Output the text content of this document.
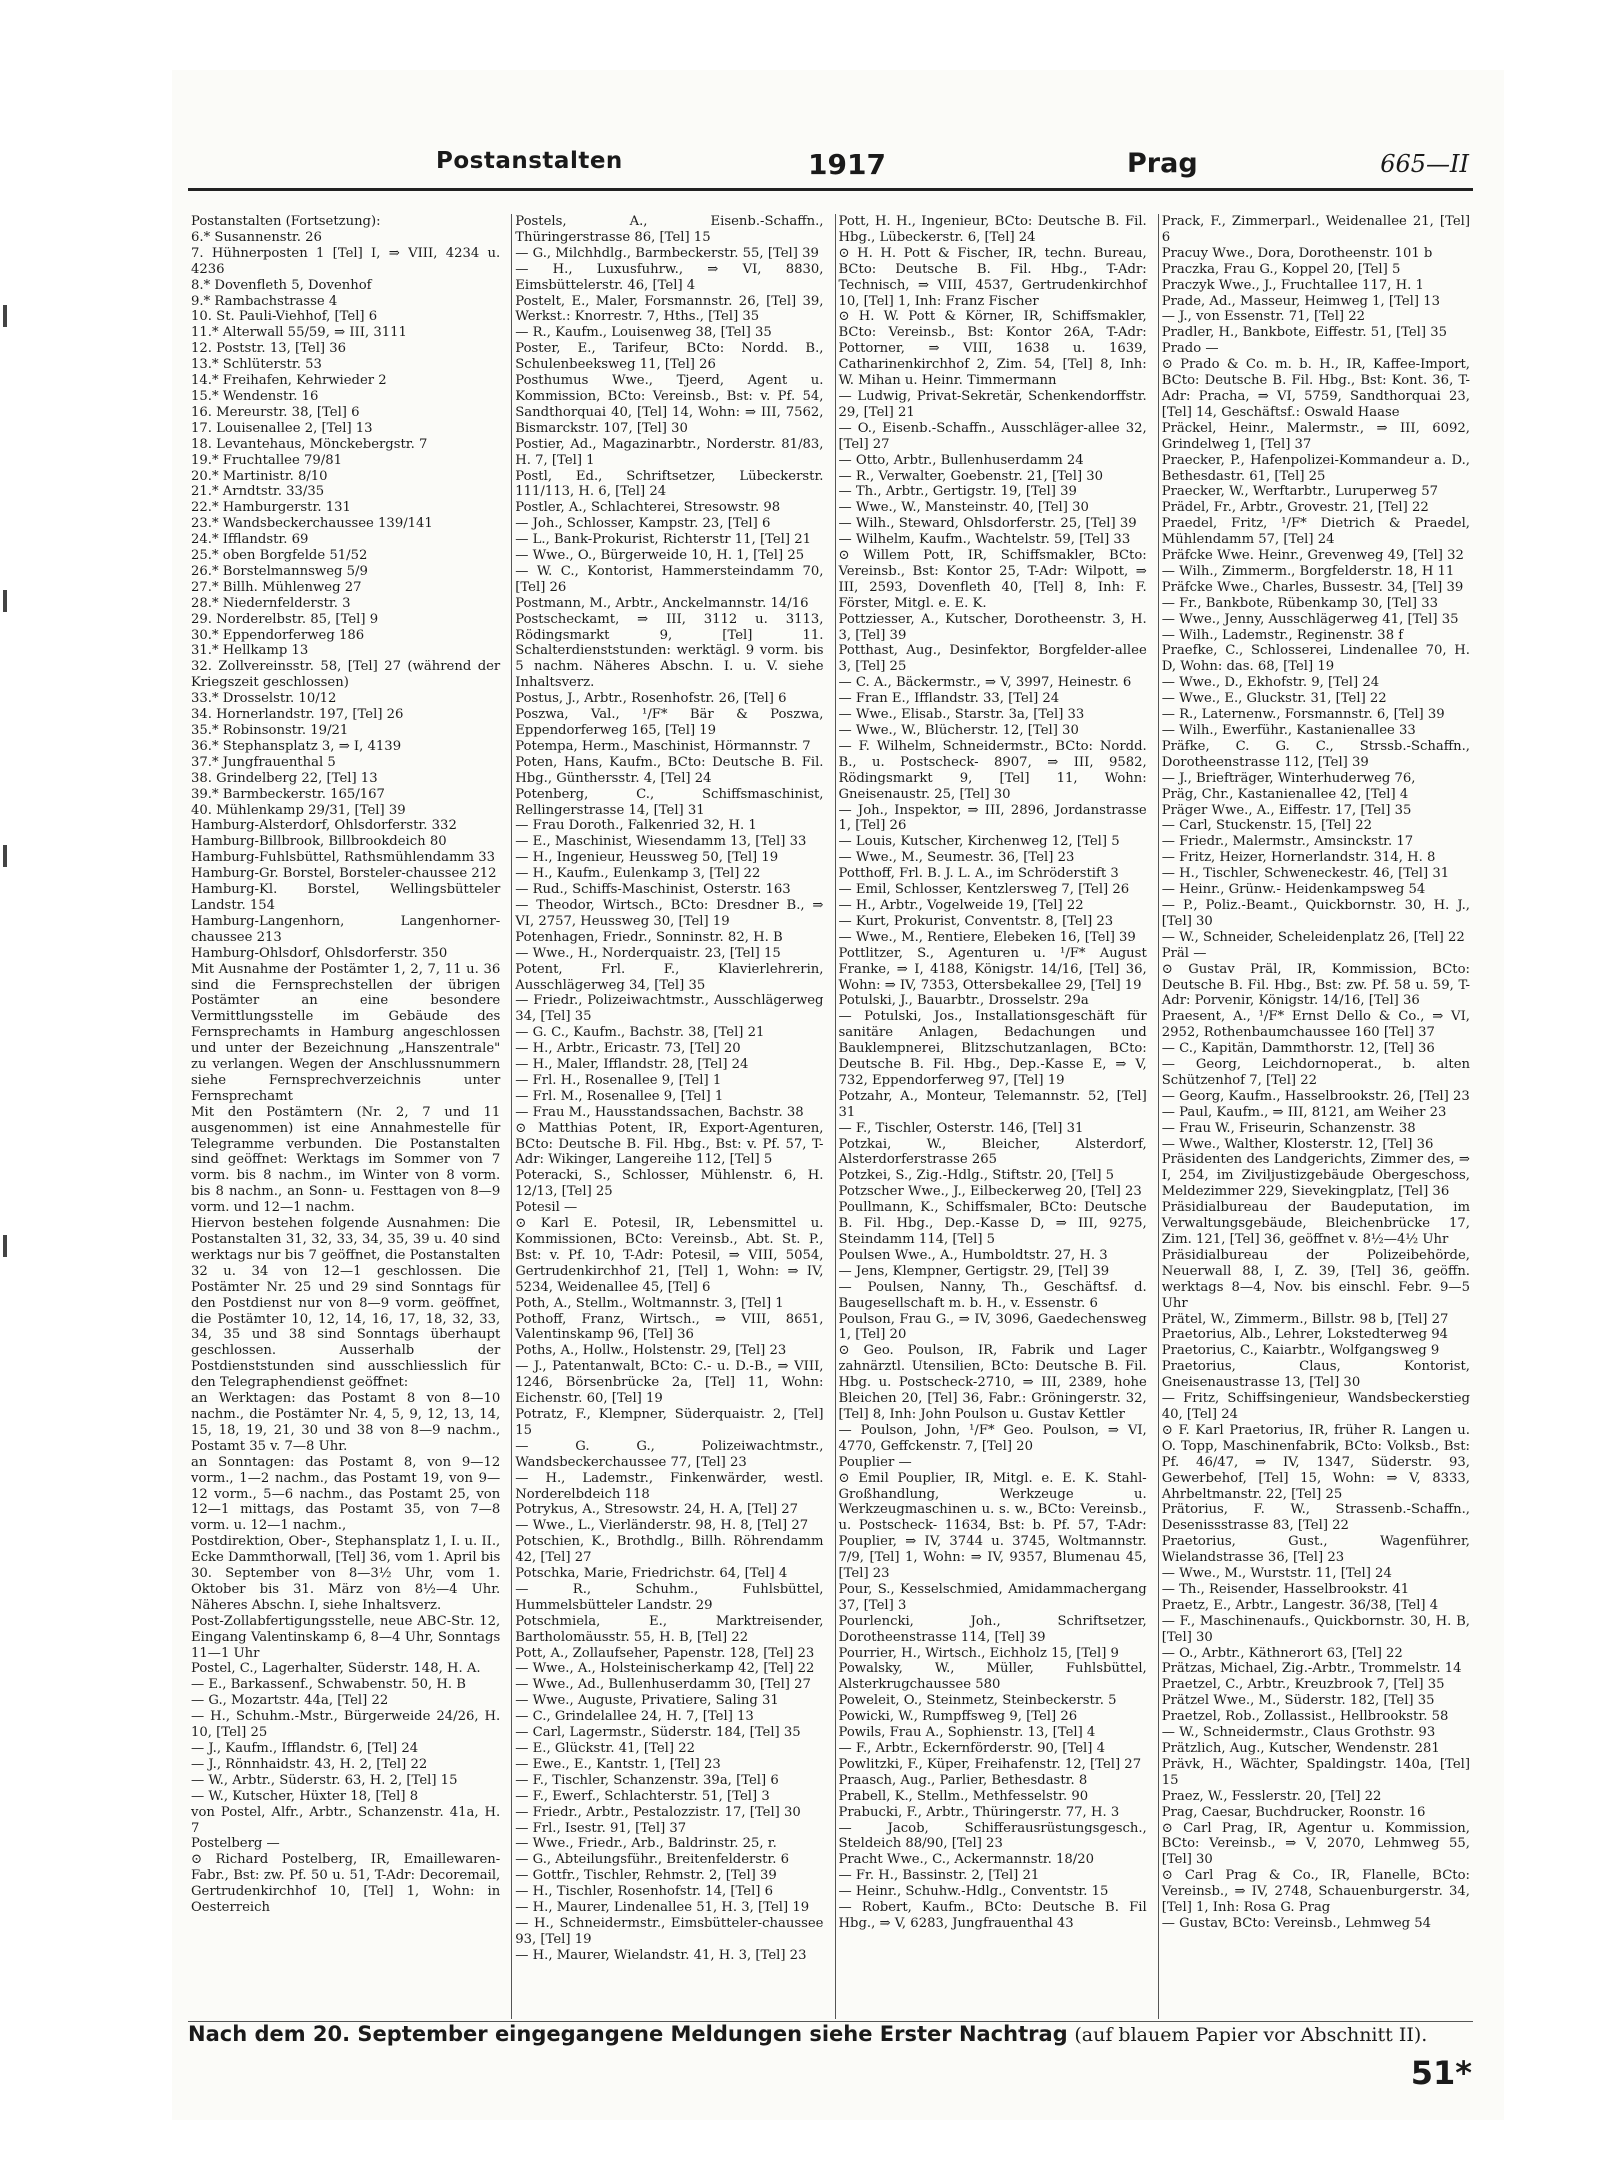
Postanstalten	1917	Prag	665—II

Postanstalten (Fortsetzung):

6.* Susannenstr. 26

7. Hühnerposten 1 [Tel] I, ⇒ VIII, 4234 u. 4236

8.* Dovenfleth 5, Dovenhof

9.* Rambachstrasse 4

10. St. Pauli-Viehhof, [Tel] 6

11.* Alterwall 55/59, ⇒ III, 3111

12. Poststr. 13, [Tel] 36

13.* Schlüterstr. 53

14.* Freihafen, Kehrwieder 2

15.* Wendenstr. 16

16. Mereurstr. 38, [Tel] 6

17. Louisenallee 2, [Tel] 13

18. Levantehaus, Mönckebergstr. 7

19.* Fruchtallee 79/81

20.* Martinistr. 8/10

21.* Arndtstr. 33/35

22.* Hamburgerstr. 131

23.* Wandsbeckerchaussee 139/141

24.* Ifflandstr. 69

25.* oben Borgfelde 51/52

26.* Borstelmannsweg 5/9

27.* Billh. Mühlenweg 27

28.* Niedernfelderstr. 3

29. Norderelbstr. 85, [Tel] 9

30.* Eppendorferweg 186

31.* Hellkamp 13

32. Zollvereinsstr. 58, [Tel] 27 (während der Kriegszeit geschlossen)

33.* Drosselstr. 10/12

34. Hornerlandstr. 197, [Tel] 26

35.* Robinsonstr. 19/21

36.* Stephansplatz 3, ⇒ I, 4139

37.* Jungfrauenthal 5

38. Grindelberg 22, [Tel] 13

39.* Barmbeckerstr. 165/167

40. Mühlenkamp 29/31, [Tel] 39

Hamburg-Alsterdorf, Ohlsdorferstr. 332

Hamburg-Billbrook, Billbrookdeich 80

Hamburg-Fuhlsbüttel, Rathsmühlendamm 33

Hamburg-Gr. Borstel, Borsteler-chaussee 212

Hamburg-Kl. Borstel, Wellingsbütteler Landstr. 154

Hamburg-Langenhorn, Langenhorner-chaussee 213

Hamburg-Ohlsdorf, Ohlsdorferstr. 350

Mit Ausnahme der Postämter 1, 2, 7, 11 u. 36 sind die Fernsprechstellen der übrigen Postämter an eine besondere Vermittlungsstelle im Gebäude des Fernsprechamts in Hamburg angeschlossen und unter der Bezeichnung „Hanszentrale" zu verlangen. Wegen der Anschlussnummern siehe Fernsprechverzeichnis unter Fernsprechamt

Mit den Postämtern (Nr. 2, 7 und 11 ausgenommen) ist eine Annahmestelle für Telegramme verbunden. Die Postanstalten sind geöffnet: Werktags im Sommer von 7 vorm. bis 8 nachm., im Winter von 8 vorm. bis 8 nachm., an Sonn- u. Festtagen von 8—9 vorm. und 12—1 nachm.

Hiervon bestehen folgende Ausnahmen: Die Postanstalten 31, 32, 33, 34, 35, 39 u. 40 sind werktags nur bis 7 geöffnet, die Postanstalten 32 u. 34 von 12—1 geschlossen. Die Postämter Nr. 25 und 29 sind Sonntags für den Postdienst nur von 8—9 vorm. geöffnet, die Postämter 10, 12, 14, 16, 17, 18, 32, 33, 34, 35 und 38 sind Sonntags überhaupt geschlossen. Ausserhalb der Postdienststunden sind ausschliesslich für den Telegraphendienst geöffnet:

an Werktagen: das Postamt 8 von 8—10 nachm., die Postämter Nr. 4, 5, 9, 12, 13, 14, 15, 18, 19, 21, 30 und 38 von 8—9 nachm., Postamt 35 v. 7—8 Uhr.

an Sonntagen: das Postamt 8, von 9—12 vorm., 1—2 nachm., das Postamt 19, von 9—12 vorm., 5—6 nachm., das Postamt 25, von 12—1 mittags, das Postamt 35, von 7—8 vorm. u. 12—1 nachm.,

Postdirektion, Ober-, Stephansplatz 1, I. u. II., Ecke Dammthorwall, [Tel] 36, vom 1. April bis 30. September von 8—3½ Uhr, vom 1. Oktober bis 31. März von 8½—4 Uhr. Näheres Abschn. I, siehe Inhaltsverz.

Post-Zollabfertigungsstelle, neue ABC-Str. 12, Eingang Valentinskamp 6, 8—4 Uhr, Sonntags 11—1 Uhr

Postel, C., Lagerhalter, Süderstr. 148, H. A.

— E., Barkassenf., Schwabenstr. 50, H. B

— G., Mozartstr. 44a, [Tel] 22

— H., Schuhm.-Mstr., Bürgerweide 24/26, H. 10, [Tel] 25

— J., Kaufm., Ifflandstr. 6, [Tel] 24

— J., Rönnhaidstr. 43, H. 2, [Tel] 22

— W., Arbtr., Süderstr. 63, H. 2, [Tel] 15

— W., Kutscher, Hüxter 18, [Tel] 8

von Postel, Alfr., Arbtr., Schanzenstr. 41a, H. 7

Postelberg —

⊙ Richard Postelberg, IR, Emaillewaren-Fabr., Bst: zw. Pf. 50 u. 51, T-Adr: Decoremail, Gertrudenkirchhof 10, [Tel] 1, Wohn: in Oesterreich

Postels, A., Eisenb.-Schaffn., Thüringerstrasse 86, [Tel] 15

— G., Milchhdlg., Barmbeckerstr. 55, [Tel] 39

— H., Luxusfuhrw., ⇒ VI, 8830, Eimsbüttelerstr. 46, [Tel] 4

Postelt, E., Maler, Forsmannstr. 26, [Tel] 39, Werkst.: Knorrestr. 7, Hths., [Tel] 35

— R., Kaufm., Louisenweg 38, [Tel] 35

Poster, E., Tarifeur, BCto: Nordd. B., Schulenbeeksweg 11, [Tel] 26

Posthumus Wwe., Tjeerd, Agent u. Kommission, BCto: Vereinsb., Bst: v. Pf. 54, Sandthorquai 40, [Tel] 14, Wohn: ⇒ III, 7562, Bismarckstr. 107, [Tel] 30

Postier, Ad., Magazinarbtr., Norderstr. 81/83, H. 7, [Tel] 1

Postl, Ed., Schriftsetzer, Lübeckerstr. 111/113, H. 6, [Tel] 24

Postler, A., Schlachterei, Stresowstr. 98

— Joh., Schlosser, Kampstr. 23, [Tel] 6

— L., Bank-Prokurist, Richterstr 11, [Tel] 21

— Wwe., O., Bürgerweide 10, H. 1, [Tel] 25

— W. C., Kontorist, Hammersteindamm 70, [Tel] 26

Postmann, M., Arbtr., Anckelmannstr. 14/16

Postscheckamt, ⇒ III, 3112 u. 3113, Rödingsmarkt 9, [Tel] 11. Schalterdienststunden: werktägl. 9 vorm. bis 5 nachm. Näheres Abschn. I. u. V. siehe Inhaltsverz.

Postus, J., Arbtr., Rosenhofstr. 26, [Tel] 6

Poszwa, Val., ¹/F* Bär & Poszwa, Eppendorferweg 165, [Tel] 19

Potempa, Herm., Maschinist, Hörmannstr. 7

Poten, Hans, Kaufm., BCto: Deutsche B. Fil. Hbg., Günthersstr. 4, [Tel] 24

Potenberg, C., Schiffsmaschinist, Rellingerstrasse 14, [Tel] 31

— Frau Doroth., Falkenried 32, H. 1

— E., Maschinist, Wiesendamm 13, [Tel] 33

— H., Ingenieur, Heussweg 50, [Tel] 19

— H., Kaufm., Eulenkamp 3, [Tel] 22

— Rud., Schiffs-Maschinist, Osterstr. 163

— Theodor, Wirtsch., BCto: Dresdner B., ⇒ VI, 2757, Heussweg 30, [Tel] 19

Potenhagen, Friedr., Sonninstr. 82, H. B

— Wwe., H., Norderquaistr. 23, [Tel] 15

Potent, Frl. F., Klavierlehrerin, Ausschlägerweg 34, [Tel] 35

— Friedr., Polizeiwachtmstr., Ausschlägerweg 34, [Tel] 35

— G. C., Kaufm., Bachstr. 38, [Tel] 21

— H., Arbtr., Ericastr. 73, [Tel] 20

— H., Maler, Ifflandstr. 28, [Tel] 24

— Frl. H., Rosenallee 9, [Tel] 1

— Frl. M., Rosenallee 9, [Tel] 1

— Frau M., Hausstandssachen, Bachstr. 38

⊙ Matthias Potent, IR, Export-Agenturen, BCto: Deutsche B. Fil. Hbg., Bst: v. Pf. 57, T-Adr: Wikinger, Langereihe 112, [Tel] 5

Poteracki, S., Schlosser, Mühlenstr. 6, H. 12/13, [Tel] 25

Potesil —

⊙ Karl E. Potesil, IR, Lebensmittel u. Kommissionen, BCto: Vereinsb., Abt. St. P., Bst: v. Pf. 10, T-Adr: Potesil, ⇒ VIII, 5054, Gertrudenkirchhof 21, [Tel] 1, Wohn: ⇒ IV, 5234, Weidenallee 45, [Tel] 6

Poth, A., Stellm., Woltmannstr. 3, [Tel] 1

Pothoff, Franz, Wirtsch., ⇒ VIII, 8651, Valentinskamp 96, [Tel] 36

Poths, A., Hollw., Holstenstr. 29, [Tel] 23

— J., Patentanwalt, BCto: C.- u. D.-B., ⇒ VIII, 1246, Börsenbrücke 2a, [Tel] 11, Wohn: Eichenstr. 60, [Tel] 19

Potratz, F., Klempner, Süderquaistr. 2, [Tel] 15

— G. G., Polizeiwachtmstr., Wandsbeckerchaussee 77, [Tel] 23

— H., Lademstr., Finkenwärder, westl. Norderelbdeich 118

Potrykus, A., Stresowstr. 24, H. A, [Tel] 27

— Wwe., L., Vierländerstr. 98, H. 8, [Tel] 27

Potschien, K., Brothdlg., Billh. Röhrendamm 42, [Tel] 27

Potschka, Marie, Friedrichstr. 64, [Tel] 4

— R., Schuhm., Fuhlsbüttel, Hummelsbütteler Landstr. 29

Potschmiela, E., Marktreisender, Bartholomäusstr. 55, H. B, [Tel] 22

Pott, A., Zollaufseher, Papenstr. 128, [Tel] 23

— Wwe., A., Holsteinischerkamp 42, [Tel] 22

— Wwe., Ad., Bullenhuserdamm 30, [Tel] 27

— Wwe., Auguste, Privatiere, Saling 31

— C., Grindelallee 24, H. 7, [Tel] 13

— Carl, Lagermstr., Süderstr. 184, [Tel] 35

— E., Glückstr. 41, [Tel] 22

— Ewe., E., Kantstr. 1, [Tel] 23

— F., Tischler, Schanzenstr. 39a, [Tel] 6

— F., Ewerf., Schlachterstr. 51, [Tel] 3

— Friedr., Arbtr., Pestalozzistr. 17, [Tel] 30

— Frl., Isestr. 91, [Tel] 37

— Wwe., Friedr., Arb., Baldrinstr. 25, r.

— G., Abteilungsführ., Breitenfelderstr. 6

— Gottfr., Tischler, Rehmstr. 2, [Tel] 39

— H., Tischler, Rosenhofstr. 14, [Tel] 6

— H., Maurer, Lindenallee 51, H. 3, [Tel] 19

— H., Schneidermstr., Eimsbütteler-chaussee 93, [Tel] 19

— H., Maurer, Wielandstr. 41, H. 3, [Tel] 23

Pott, H. H., Ingenieur, BCto: Deutsche B. Fil. Hbg., Lübeckerstr. 6, [Tel] 24

⊙ H. H. Pott & Fischer, IR, techn. Bureau, BCto: Deutsche B. Fil. Hbg., T-Adr: Technisch, ⇒ VIII, 4537, Gertrudenkirchhof 10, [Tel] 1, Inh: Franz Fischer

⊙ H. W. Pott & Körner, IR, Schiffsmakler, BCto: Vereinsb., Bst: Kontor 26A, T-Adr: Pottorner, ⇒ VIII, 1638 u. 1639, Catharinenkirchhof 2, Zim. 54, [Tel] 8, Inh: W. Mihan u. Heinr. Timmermann

— Ludwig, Privat-Sekretär, Schenkendorffstr. 29, [Tel] 21

— O., Eisenb.-Schaffn., Ausschläger-allee 32, [Tel] 27

— Otto, Arbtr., Bullenhuserdamm 24

— R., Verwalter, Goebenstr. 21, [Tel] 30

— Th., Arbtr., Gertigstr. 19, [Tel] 39

— Wwe., W., Mansteinstr. 40, [Tel] 30

— Wilh., Steward, Ohlsdorferstr. 25, [Tel] 39

— Wilhelm, Kaufm., Wachtelstr. 59, [Tel] 33

⊙ Willem Pott, IR, Schiffsmakler, BCto: Vereinsb., Bst: Kontor 25, T-Adr: Wilpott, ⇒ III, 2593, Dovenfleth 40, [Tel] 8, Inh: F. Förster, Mitgl. e. E. K.

Pottziesser, A., Kutscher, Dorotheenstr. 3, H. 3, [Tel] 39

Potthast, Aug., Desinfektor, Borgfelder-allee 3, [Tel] 25

— C. A., Bäckermstr., ⇒ V, 3997, Heinestr. 6

— Fran E., Ifflandstr. 33, [Tel] 24

— Wwe., Elisab., Starstr. 3a, [Tel] 33

— Wwe., W., Blücherstr. 12, [Tel] 30

— F. Wilhelm, Schneidermstr., BCto: Nordd. B., u. Postscheck- 8907, ⇒ III, 9582, Rödingsmarkt 9, [Tel] 11, Wohn: Gneisenaustr. 25, [Tel] 30

— Joh., Inspektor, ⇒ III, 2896, Jordanstrasse 1, [Tel] 26

— Louis, Kutscher, Kirchenweg 12, [Tel] 5

— Wwe., M., Seumestr. 36, [Tel] 23

Potthoff, Frl. B. J. L. A., im Schröderstift 3

— Emil, Schlosser, Kentzlersweg 7, [Tel] 26

— H., Arbtr., Vogelweide 19, [Tel] 22

— Kurt, Prokurist, Conventstr. 8, [Tel] 23

— Wwe., M., Rentiere, Elebeken 16, [Tel] 39

Pottlitzer, S., Agenturen u. ¹/F* August Franke, ⇒ I, 4188, Königstr. 14/16, [Tel] 36, Wohn: ⇒ IV, 7353, Ottersbekallee 29, [Tel] 19

Potulski, J., Bauarbtr., Drosselstr. 29a

— Potulski, Jos., Installationsgeschäft für sanitäre Anlagen, Bedachungen und Bauklempnerei, Blitzschutzanlagen, BCto: Deutsche B. Fil. Hbg., Dep.-Kasse E, ⇒ V, 732, Eppendorferweg 97, [Tel] 19

Potzahr, A., Monteur, Telemannstr. 52, [Tel] 31

— F., Tischler, Osterstr. 146, [Tel] 31

Potzkai, W., Bleicher, Alsterdorf, Alsterdorferstrasse 265

Potzkei, S., Zig.-Hdlg., Stiftstr. 20, [Tel] 5

Potzscher Wwe., J., Eilbeckerweg 20, [Tel] 23

Poullmann, K., Schiffsmaler, BCto: Deutsche B. Fil. Hbg., Dep.-Kasse D, ⇒ III, 9275, Steindamm 114, [Tel] 5

Poulsen Wwe., A., Humboldtstr. 27, H. 3

— Jens, Klempner, Gertigstr. 29, [Tel] 39

— Poulsen, Nanny, Th., Geschäftsf. d. Baugesellschaft m. b. H., v. Essenstr. 6

Poulson, Frau G., ⇒ IV, 3096, Gaedechensweg 1, [Tel] 20

⊙ Geo. Poulson, IR, Fabrik und Lager zahnärztl. Utensilien, BCto: Deutsche B. Fil. Hbg. u. Postscheck-2710, ⇒ III, 2389, hohe Bleichen 20, [Tel] 36, Fabr.: Gröningerstr. 32, [Tel] 8, Inh: John Poulson u. Gustav Kettler

— Poulson, John, ¹/F* Geo. Poulson, ⇒ VI, 4770, Geffckenstr. 7, [Tel] 20

Pouplier —

⊙ Emil Pouplier, IR, Mitgl. e. E. K. Stahl-Großhandlung, Werkzeuge u. Werkzeugmaschinen u. s. w., BCto: Vereinsb., u. Postscheck- 11634, Bst: b. Pf. 57, T-Adr: Pouplier, ⇒ IV, 3744 u. 3745, Woltmannstr. 7/9, [Tel] 1, Wohn: ⇒ IV, 9357, Blumenau 45, [Tel] 23

Pour, S., Kesselschmied, Amidammachergang 37, [Tel] 3

Pourlencki, Joh., Schriftsetzer, Dorotheenstrasse 114, [Tel] 39

Pourrier, H., Wirtsch., Eichholz 15, [Tel] 9

Powalsky, W., Müller, Fuhlsbüttel, Alsterkrugchaussee 580

Poweleit, O., Steinmetz, Steinbeckerstr. 5

Powicki, W., Rumpffsweg 9, [Tel] 26

Powils, Frau A., Sophienstr. 13, [Tel] 4

— F., Arbtr., Eckernförderstr. 90, [Tel] 4

Powlitzki, F., Küper, Freihafenstr. 12, [Tel] 27

Praasch, Aug., Parlier, Bethesdastr. 8

Prabell, K., Stellm., Methfesselstr. 90

Prabucki, F., Arbtr., Thüringerstr. 77, H. 3

— Jacob, Schifferausrüstungsgesch., Steldeich 88/90, [Tel] 23

Pracht Wwe., C., Ackermannstr. 18/20

— Fr. H., Bassinstr. 2, [Tel] 21

— Heinr., Schuhw.-Hdlg., Conventstr. 15

— Robert, Kaufm., BCto: Deutsche B. Fil Hbg., ⇒ V, 6283, Jungfrauenthal 43

Prack, F., Zimmerparl., Weidenallee 21, [Tel] 6

Pracuy Wwe., Dora, Dorotheenstr. 101 b

Praczka, Frau G., Koppel 20, [Tel] 5

Praczyk Wwe., J., Fruchtallee 117, H. 1

Prade, Ad., Masseur, Heimweg 1, [Tel] 13

— J., von Essenstr. 71, [Tel] 22

Pradler, H., Bankbote, Eiffestr. 51, [Tel] 35

Prado —

⊙ Prado & Co. m. b. H., IR, Kaffee-Import, BCto: Deutsche B. Fil. Hbg., Bst: Kont. 36, T-Adr: Pracha, ⇒ VI, 5759, Sandthorquai 23, [Tel] 14, Geschäftsf.: Oswald Haase

Präckel, Heinr., Malermstr., ⇒ III, 6092, Grindelweg 1, [Tel] 37

Praecker, P., Hafenpolizei-Kommandeur a. D., Bethesdastr. 61, [Tel] 25

Praecker, W., Werftarbtr., Luruperweg 57

Prädel, Fr., Arbtr., Grovestr. 21, [Tel] 22

Praedel, Fritz, ¹/F* Dietrich & Praedel, Mühlendamm 57, [Tel] 24

Präfcke Wwe. Heinr., Grevenweg 49, [Tel] 32

— Wilh., Zimmerm., Borgfelderstr. 18, H 11

Präfcke Wwe., Charles, Bussestr. 34, [Tel] 39

— Fr., Bankbote, Rübenkamp 30, [Tel] 33

— Wwe., Jenny, Ausschlägerweg 41, [Tel] 35

— Wilh., Lademstr., Reginenstr. 38 f

Praefke, C., Schlosserei, Lindenallee 70, H. D, Wohn: das. 68, [Tel] 19

— Wwe., D., Ekhofstr. 9, [Tel] 24

— Wwe., E., Gluckstr. 31, [Tel] 22

— R., Laternenw., Forsmannstr. 6, [Tel] 39

— Wilh., Ewerführ., Kastanienallee 33

Präfke, C. G. C., Strssb.-Schaffn., Dorotheenstrasse 112, [Tel] 39

— J., Briefträger, Winterhuderweg 76,

Präg, Chr., Kastanienallee 42, [Tel] 4

Präger Wwe., A., Eiffestr. 17, [Tel] 35

— Carl, Stuckenstr. 15, [Tel] 22

— Friedr., Malermstr., Amsinckstr. 17

— Fritz, Heizer, Hornerlandstr. 314, H. 8

— H., Tischler, Schweneckestr. 46, [Tel] 31

— Heinr., Grünw.- Heidenkampsweg 54

— P., Poliz.-Beamt., Quickbornstr. 30, H. J., [Tel] 30

— W., Schneider, Scheleidenplatz 26, [Tel] 22

Präl —

⊙ Gustav Präl, IR, Kommission, BCto: Deutsche B. Fil. Hbg., Bst: zw. Pf. 58 u. 59, T-Adr: Porvenir, Königstr. 14/16, [Tel] 36

Praesent, A., ¹/F* Ernst Dello & Co., ⇒ VI, 2952, Rothenbaumchaussee 160 [Tel] 37

— C., Kapitän, Dammthorstr. 12, [Tel] 36

— Georg, Leichdornoperat., b. alten Schützenhof 7, [Tel] 22

— Georg, Kaufm., Hasselbrookstr. 26, [Tel] 23

— Paul, Kaufm., ⇒ III, 8121, am Weiher 23

— Frau W., Friseurin, Schanzenstr. 38

— Wwe., Walther, Klosterstr. 12, [Tel] 36

Präsidenten des Landgerichts, Zimmer des, ⇒ I, 254, im Ziviljustizgebäude Obergeschoss, Meldezimmer 229, Sievekingplatz, [Tel] 36

Präsidialbureau der Baudeputation, im Verwaltungsgebäude, Bleichenbrücke 17, Zim. 121, [Tel] 36, geöffnet v. 8½—4½ Uhr

Präsidialbureau der Polizeibehörde, Neuerwall 88, I, Z. 39, [Tel] 36, geöffn. werktags 8—4, Nov. bis einschl. Febr. 9—5 Uhr

Prätel, W., Zimmerm., Billstr. 98 b, [Tel] 27

Praetorius, Alb., Lehrer, Lokstedterweg 94

Praetorius, C., Kaiarbtr., Wolfgangsweg 9

Praetorius, Claus, Kontorist, Gneisenaustrasse 13, [Tel] 30

— Fritz, Schiffsingenieur, Wandsbeckerstieg 40, [Tel] 24

⊙ F. Karl Praetorius, IR, früher R. Langen u. O. Topp, Maschinenfabrik, BCto: Volksb., Bst: Pf. 46/47, ⇒ IV, 1347, Süderstr. 93, Gewerbehof, [Tel] 15, Wohn: ⇒ V, 8333, Ahrbeltmanstr. 22, [Tel] 25

Prätorius, F. W., Strassenb.-Schaffn., Desenissstrasse 83, [Tel] 22

Praetorius, Gust., Wagenführer, Wielandstrasse 36, [Tel] 23

— Wwe., M., Wurststr. 11, [Tel] 24

— Th., Reisender, Hasselbrookstr. 41

Praetz, E., Arbtr., Langestr. 36/38, [Tel] 4

— F., Maschinenaufs., Quickbornstr. 30, H. B, [Tel] 30

— O., Arbtr., Käthnerort 63, [Tel] 22

Prätzas, Michael, Zig.-Arbtr., Trommelstr. 14

Praetzel, C., Arbtr., Kreuzbrook 7, [Tel] 35

Prätzel Wwe., M., Süderstr. 182, [Tel] 35

Praetzel, Rob., Zollassist., Hellbrookstr. 58

— W., Schneidermstr., Claus Grothstr. 93

Prätzlich, Aug., Kutscher, Wendenstr. 281

Prävk, H., Wächter, Spaldingstr. 140a, [Tel] 15

Praez, W., Fesslerstr. 20, [Tel] 22

Prag, Caesar, Buchdrucker, Roonstr. 16

⊙ Carl Prag, IR, Agentur u. Kommission, BCto: Vereinsb., ⇒ V, 2070, Lehmweg 55, [Tel] 30

⊙ Carl Prag & Co., IR, Flanelle, BCto: Vereinsb., ⇒ IV, 2748, Schauenburgerstr. 34, [Tel] 1, Inh: Rosa G. Prag

— Gustav, BCto: Vereinsb., Lehmweg 54

Nach dem 20. September eingegangene Meldungen siehe Erster Nachtrag (auf blauem Papier vor Abschnitt II).
51*
